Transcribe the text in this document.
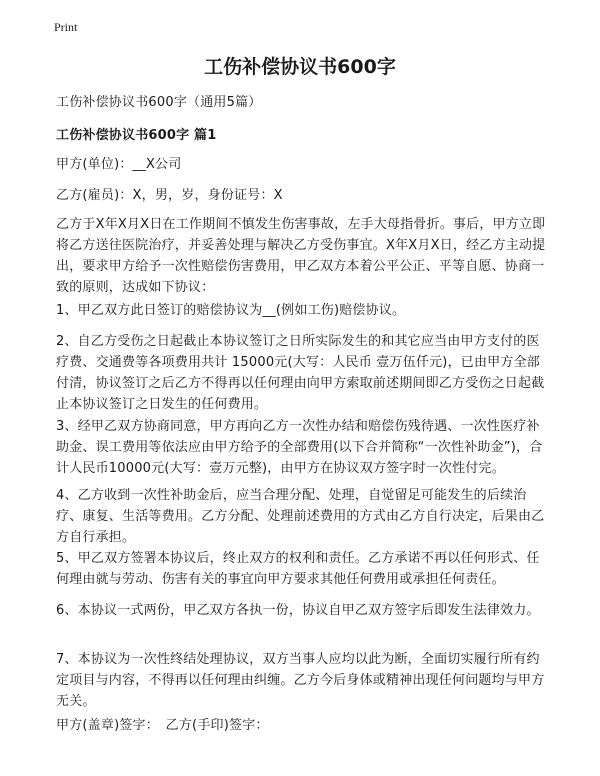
Print
工伤补偿协议书600字

工伤补偿协议书600字（通用5篇）

工伤补偿协议书600字 篇1

甲方(单位)：__X公司

乙方(雇员)：X，男，岁，身份证号：X

乙方于X年X月X日在工作期间不慎发生伤害事故，左手大母指骨折。事后，甲方立即将乙方送往医院治疗，并妥善处理与解决乙方受伤事宜。X年X月X日，经乙方主动提出，要求甲方给予一次性赔偿伤害费用，甲乙双方本着公平公正、平等自愿、协商一致的原则，达成如下协议：

1、甲乙双方此日签订的赔偿协议为__(例如工伤)赔偿协议。

2、自乙方受伤之日起截止本协议签订之日所实际发生的和其它应当由甲方支付的医疗费、交通费等各项费用共计 15000元(大写：人民币 壹万伍仟元)，已由甲方全部付清，协议签订之后乙方不得再以任何理由向甲方索取前述期间即乙方受伤之日起截止本协议签订之日发生的任何费用。

3、经甲乙双方协商同意，甲方再向乙方一次性办结和赔偿伤残待遇、一次性医疗补助金、误工费用等依法应由甲方给予的全部费用(以下合并简称“一次性补助金”)，合计人民币10000元(大写：壹万元整)，由甲方在协议双方签字时一次性付完。

4、乙方收到一次性补助金后，应当合理分配、处理，自觉留足可能发生的后续治疗、康复、生活等费用。乙方分配、处理前述费用的方式由乙方自行决定，后果由乙方自行承担。

5、甲乙双方签署本协议后，终止双方的权利和责任。乙方承诺不再以任何形式、任何理由就与劳动、伤害有关的事宜向甲方要求其他任何费用或承担任何责任。

6、本协议一式两份，甲乙双方各执一份，协议自甲乙双方签字后即发生法律效力。

7、本协议为一次性终结处理协议，双方当事人应均以此为断，全面切实履行所有约定项目与内容，不得再以任何理由纠缠。乙方今后身体或精神出现任何问题均与甲方无关。

甲方(盖章)签字：　乙方(手印)签字：
